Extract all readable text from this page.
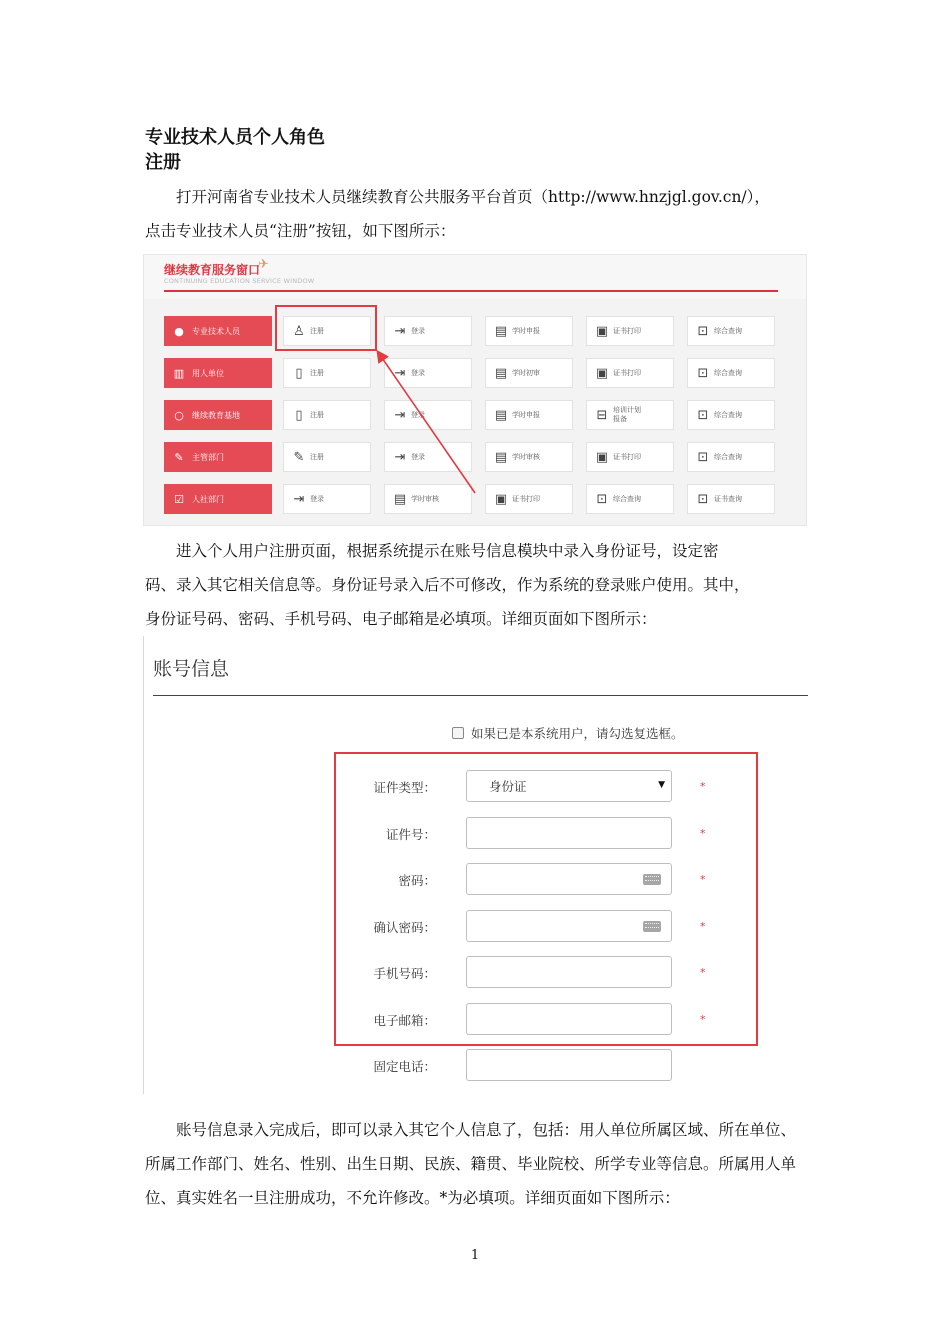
专业技术人员个人角色
注册

打开河南省专业技术人员继续教育公共服务平台首页（http://www.hnzjgl.gov.cn/），

点击专业技术人员“注册”按钮，如下图所示：

继续教育服务窗口
✈
CONTINUING EDUCATION SERVICE WINDOW
● 专业技术人员	♙ 注册	⇥ 登录	▤ 学时申报	▣ 证书打印	⊡ 综合查询
▥ 用人单位	▯	注册	⇥ 登录	▤ 学时初审	▣ 证书打印	⊡ 综合查询
○ 继续教育基地	▯	注册	⇥ 登录	▤ 学时申报	⊟ 培训计划
报备	⊡ 综合查询
✎ 主管部门	✎ 注册	⇥ 登录	▤ 学时审核	▣ 证书打印	⊡ 综合查询
☑ 人社部门	⇥ 登录	▤ 学时审核	▣ 证书打印	⊡ 综合查询	⊡ 证书查询

进入个人用户注册页面，根据系统提示在账号信息模块中录入身份证号，设定密

码、录入其它相关信息等。身份证号录入后不可修改，作为系统的登录账户使用。其中，

身份证号码、密码、手机号码、电子邮箱是必填项。详细页面如下图所示：

账号信息
如果已是本系统用户，请勾选复选框。
证件类型：	身份证	▼	*
证件号：	*
密码：	*
确认密码：	*
手机号码：	*
电子邮箱：	*
固定电话：

账号信息录入完成后，即可以录入其它个人信息了，包括：用人单位所属区域、所在单位、

所属工作部门、姓名、性别、出生日期、民族、籍贯、毕业院校、所学专业等信息。所属用人单

位、真实姓名一旦注册成功，不允许修改。*为必填项。详细页面如下图所示：

1
